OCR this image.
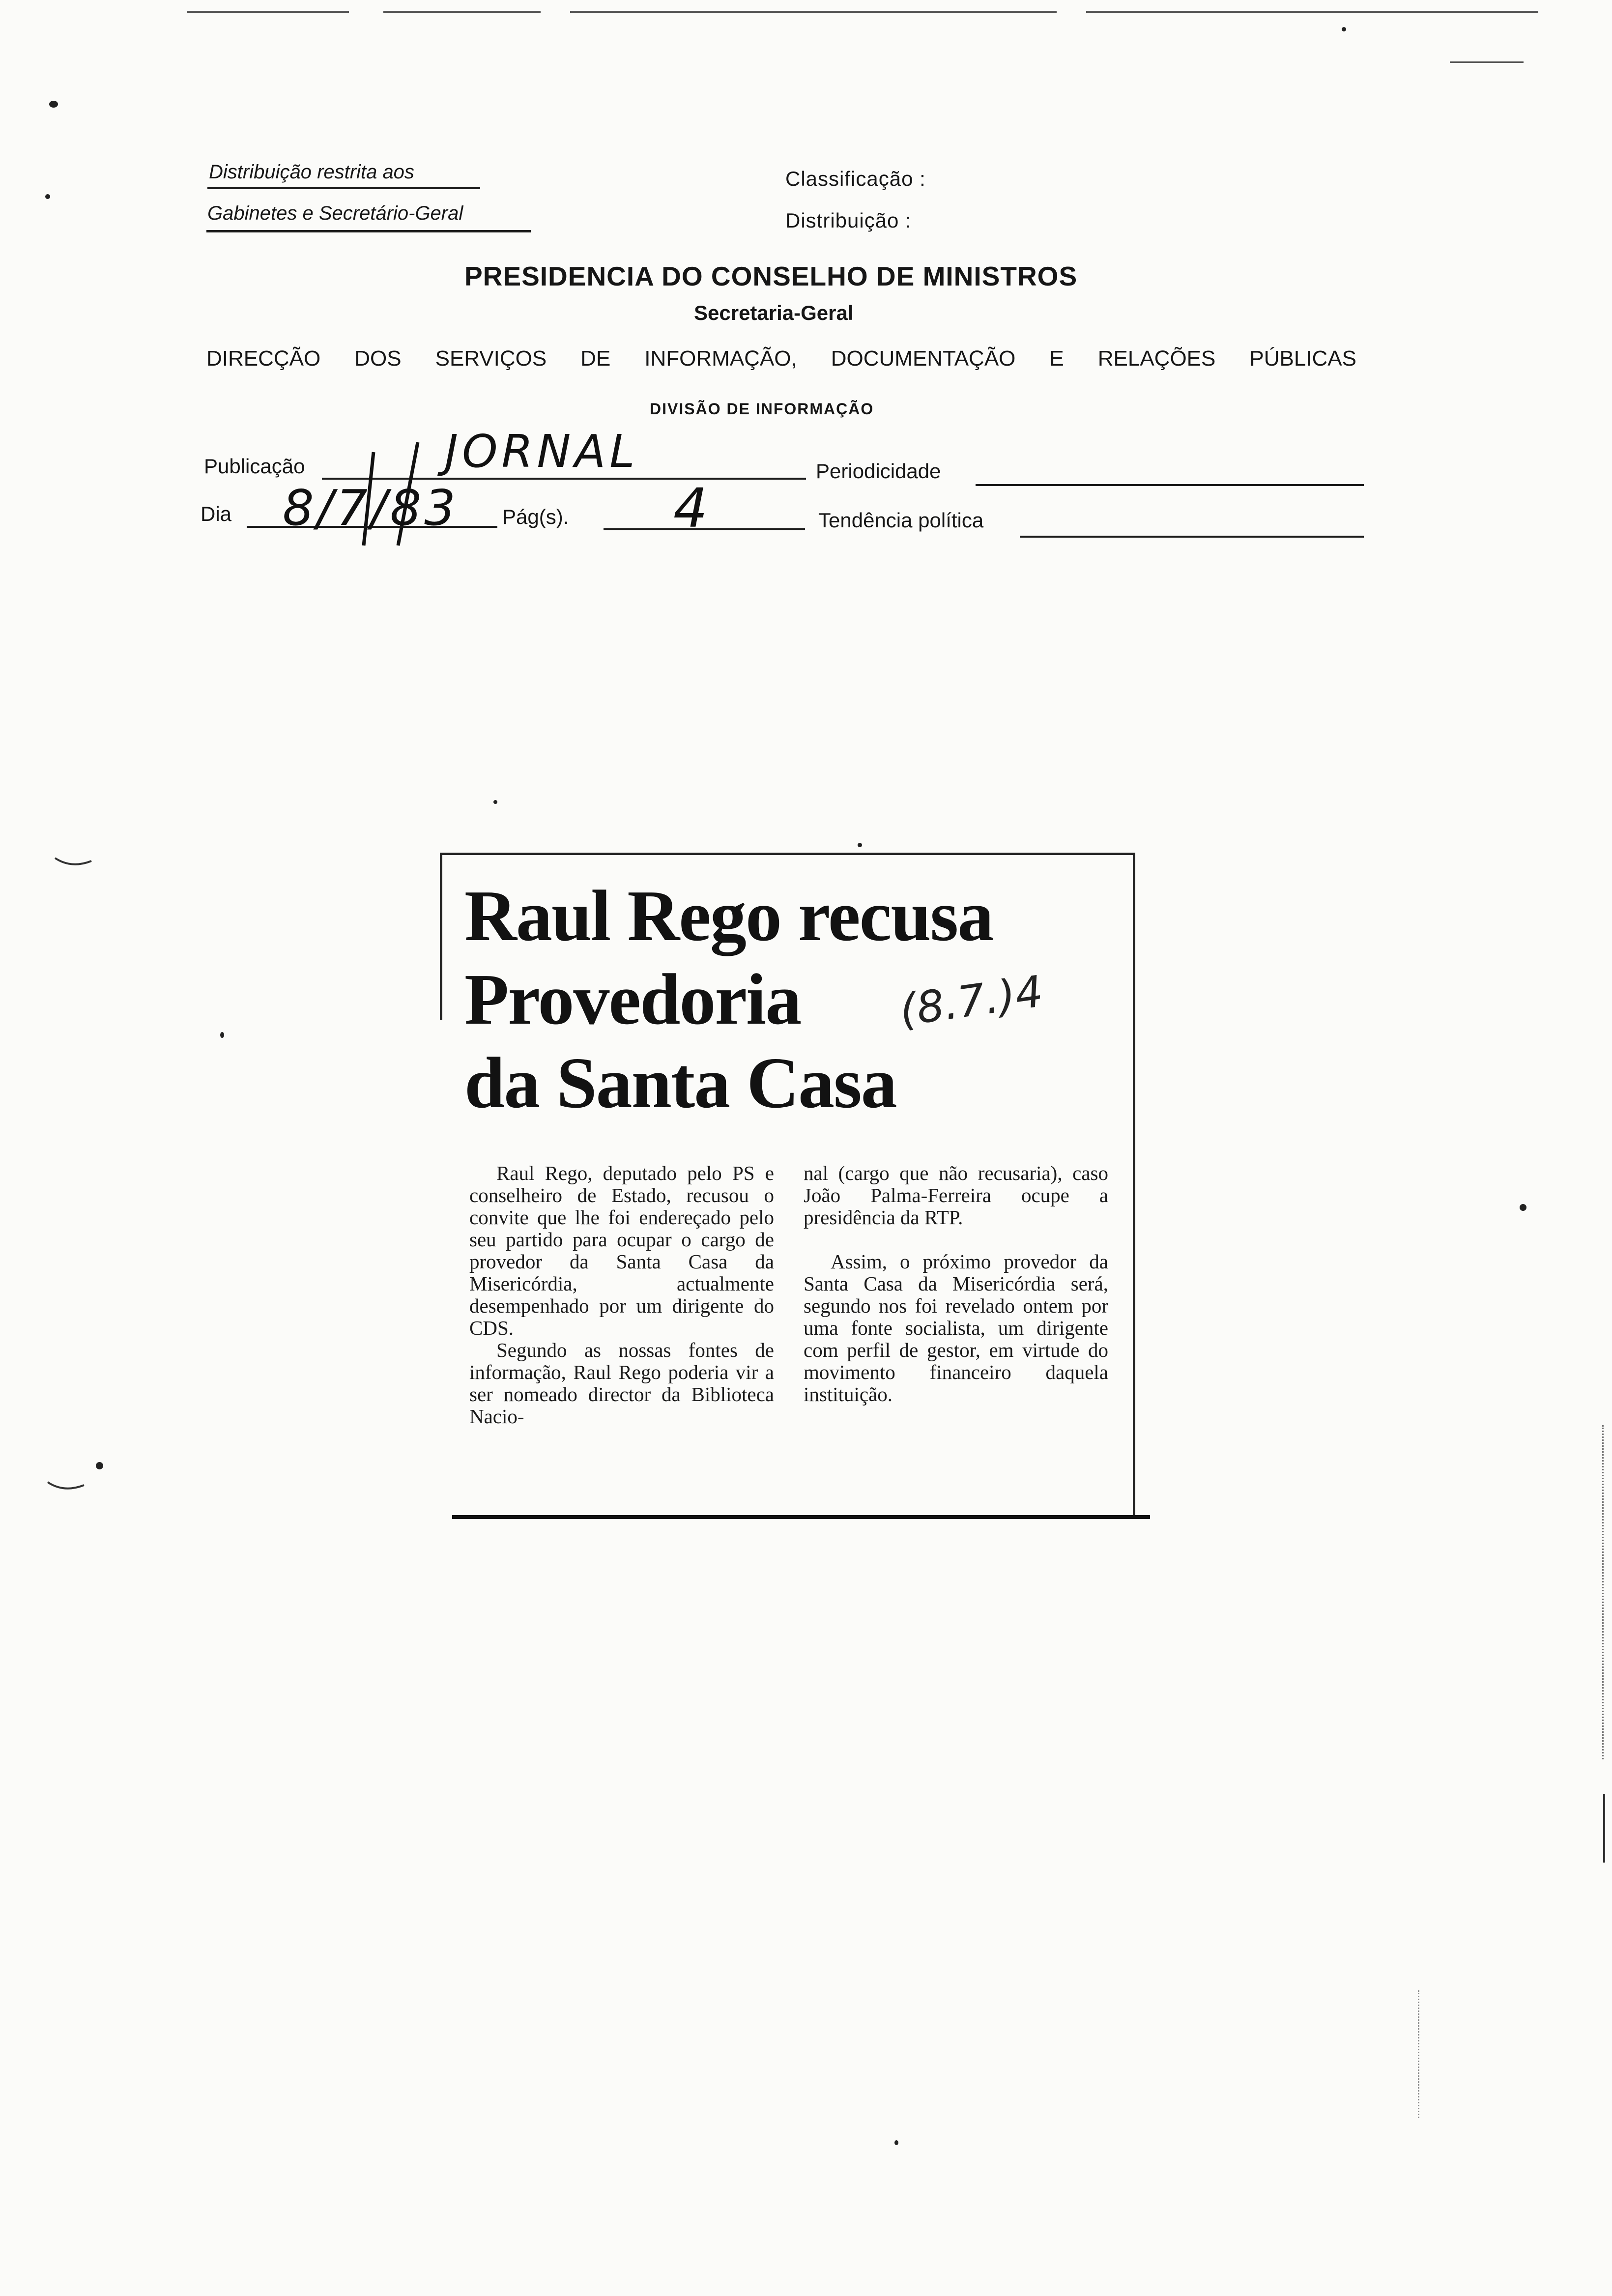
Distribuição restrita aos
Gabinetes e Secretário-Geral
Classificação :
Distribuição :
PRESIDENCIA DO CONSELHO DE MINISTROS
Secretaria-Geral
DIRECÇÃO DOS SERVIÇOS DE INFORMAÇÃO, DOCUMENTAÇÃO E RELAÇÕES PÚBLICAS
DIVISÃO DE INFORMAÇÃO
Publicação	JORNAL	Periodicidade
Dia 8/7/83 Pág(s). 4	Tendência política
Raul Rego recusa
Provedoria
da Santa Casa
(8.7.)4

Raul Rego, deputado pelo PS e conselheiro de Estado, recusou o convite que lhe foi endereçado pelo seu partido para ocupar o cargo de provedor da Santa Casa da Misericórdia, actualmente desempenhado por um dirigente do CDS.

Segundo as nossas fontes de informação, Raul Rego poderia vir a ser nomeado director da Biblioteca Nacio-

nal (cargo que não recusaria), caso João Palma-Ferreira ocupe a presidência da RTP.

Assim, o próximo provedor da Santa Casa da Misericórdia será, segundo nos foi revelado ontem por uma fonte socialista, um dirigente com perfil de gestor, em virtude do movimento financeiro daquela instituição.
